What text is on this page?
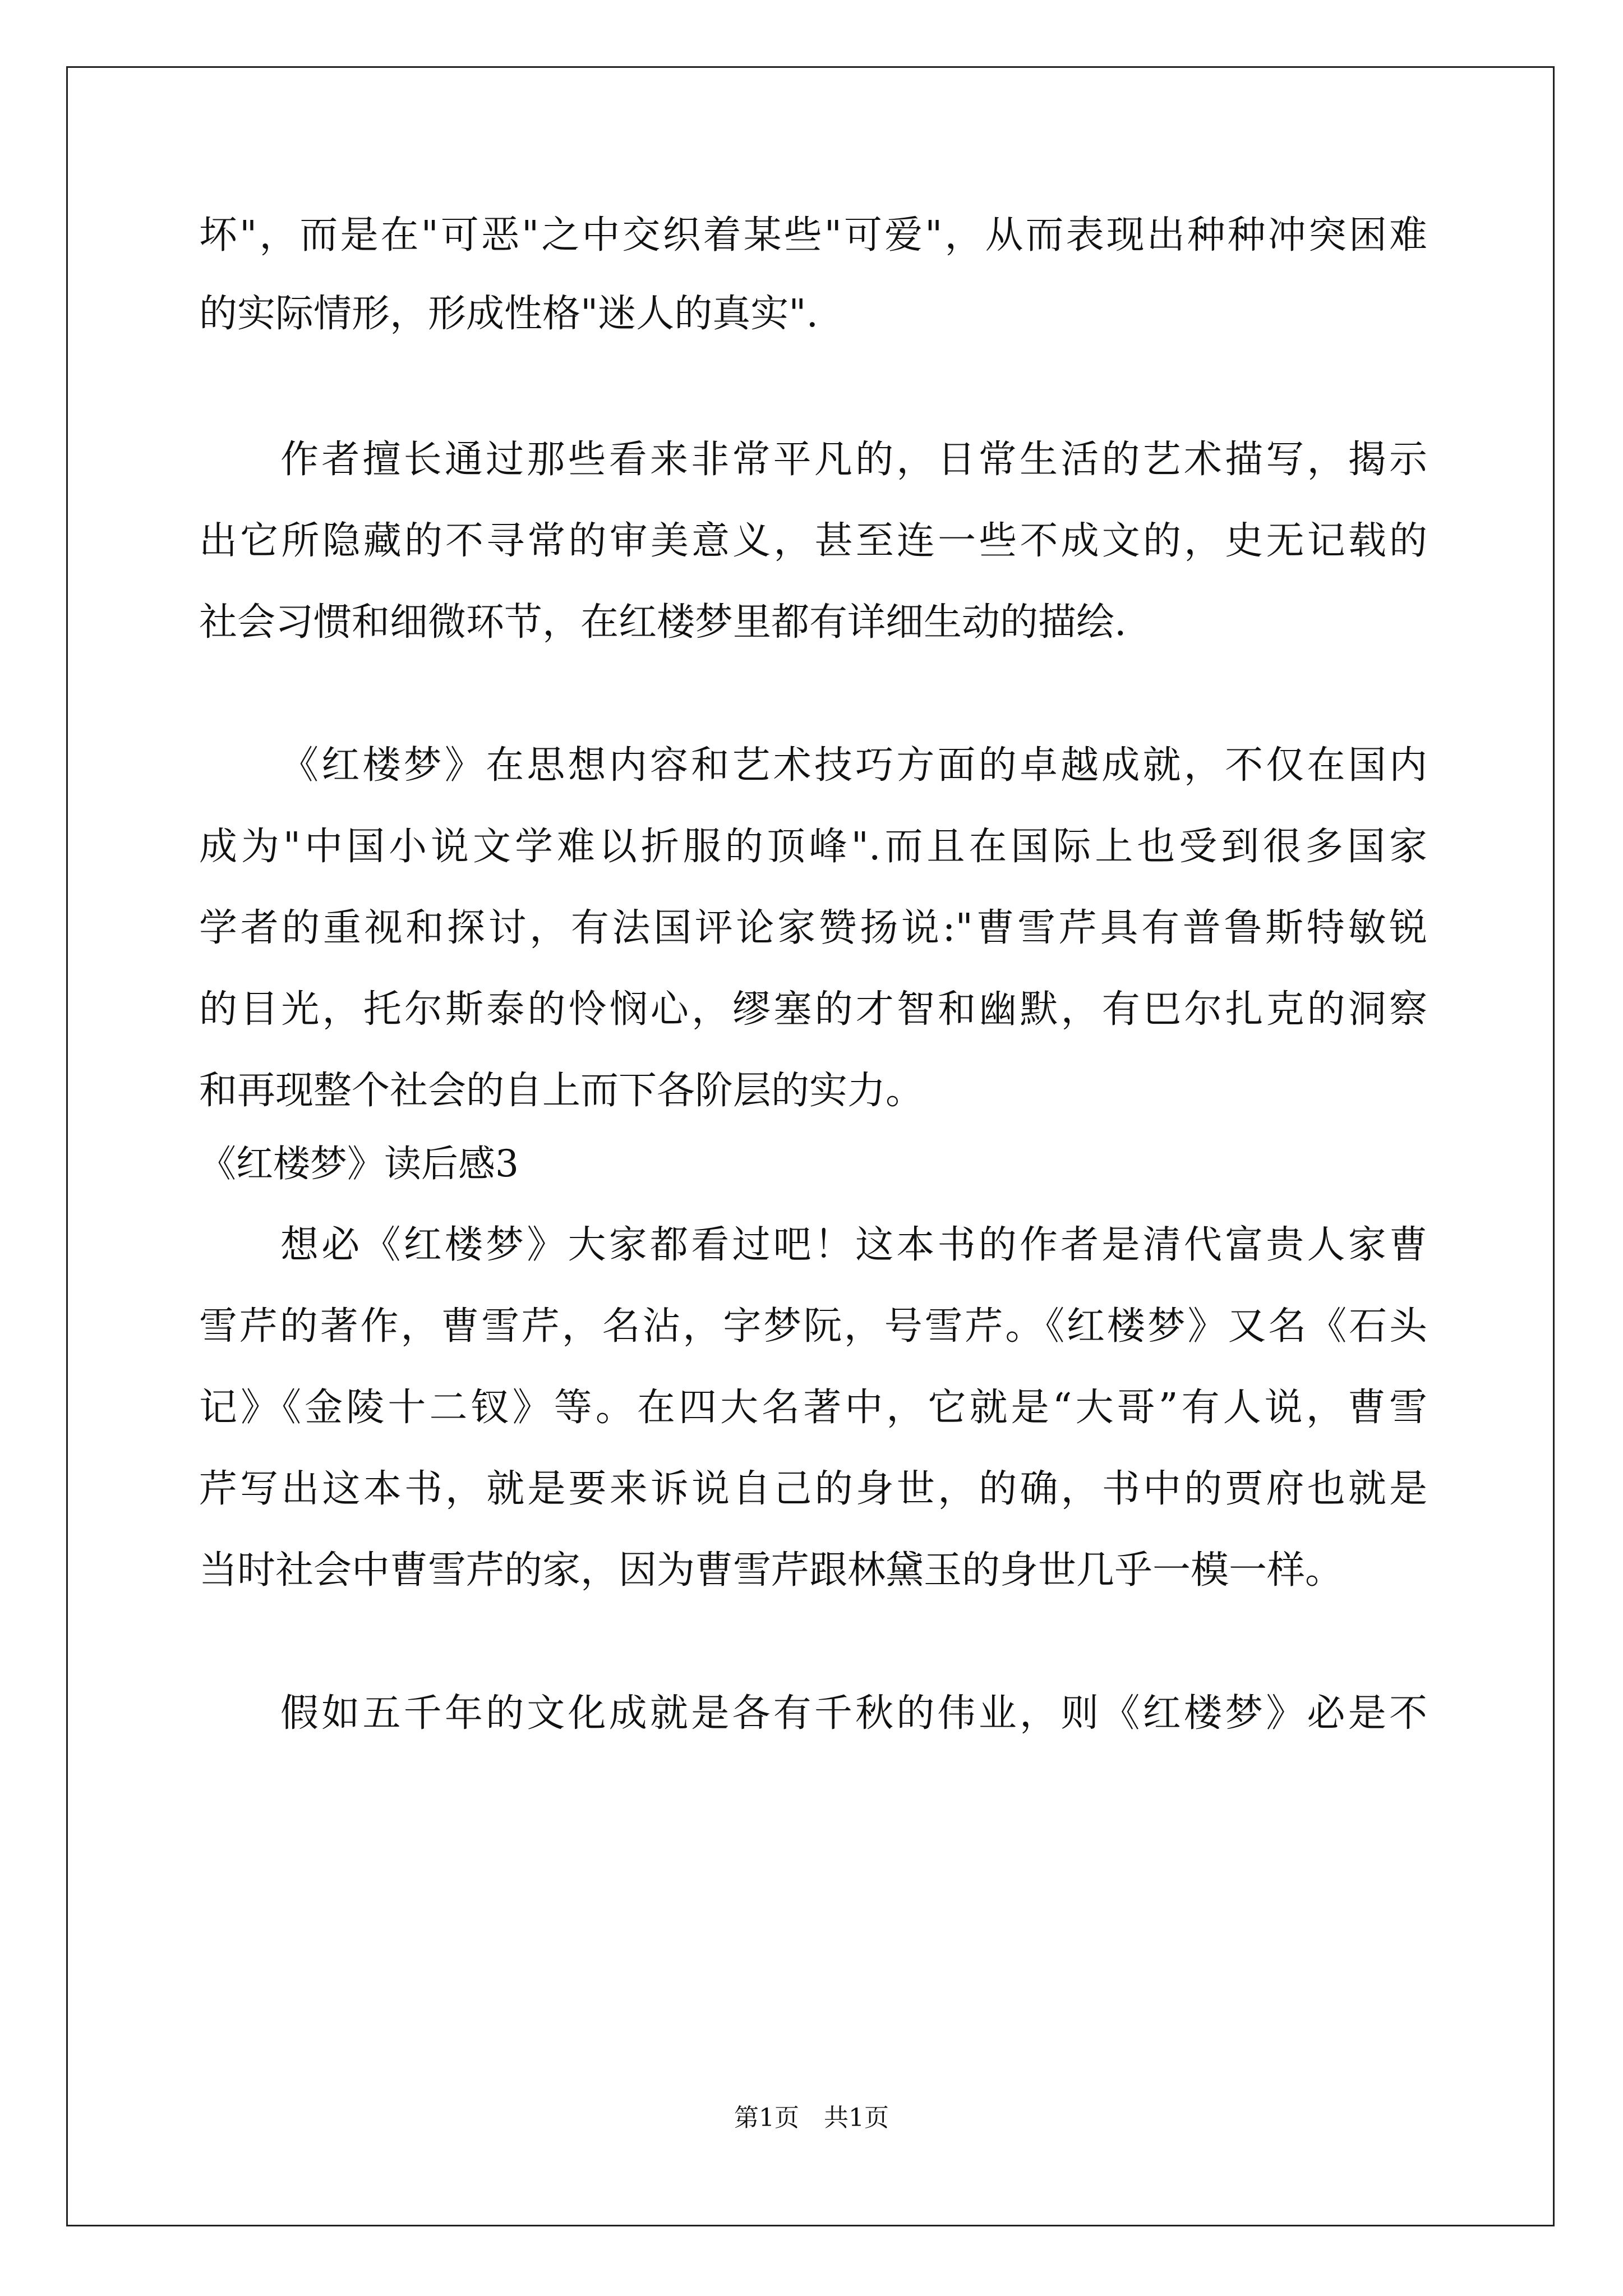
坏"，而是在"可恶"之中交织着某些"可爱"，从而表现出种种冲突困难
的实际情形，形成性格"迷人的真实".
作者擅长通过那些看来非常平凡的，日常生活的艺术描写，揭示
出它所隐藏的不寻常的审美意义，甚至连一些不成文的，史无记载的
社会习惯和细微环节，在红楼梦里都有详细生动的描绘.
《红楼梦》在思想内容和艺术技巧方面的卓越成就，不仅在国内
成为"中国小说文学难以折服的顶峰".而且在国际上也受到很多国家
学者的重视和探讨，有法国评论家赞扬说:"曹雪芹具有普鲁斯特敏锐
的目光，托尔斯泰的怜悯心，缪塞的才智和幽默，有巴尔扎克的洞察
和再现整个社会的自上而下各阶层的实力。
《红楼梦》读后感3
想必《红楼梦》大家都看过吧！这本书的作者是清代富贵人家曹
雪芹的著作，曹雪芹，名沾，字梦阮，号雪芹。《红楼梦》又名《石头
记》《金陵十二钗》等。在四大名著中，它就是“大哥”有人说，曹雪
芹写出这本书，就是要来诉说自己的身世，的确，书中的贾府也就是
当时社会中曹雪芹的家，因为曹雪芹跟林黛玉的身世几乎一模一样。
假如五千年的文化成就是各有千秋的伟业，则《红楼梦》必是不
第1页　共1页
